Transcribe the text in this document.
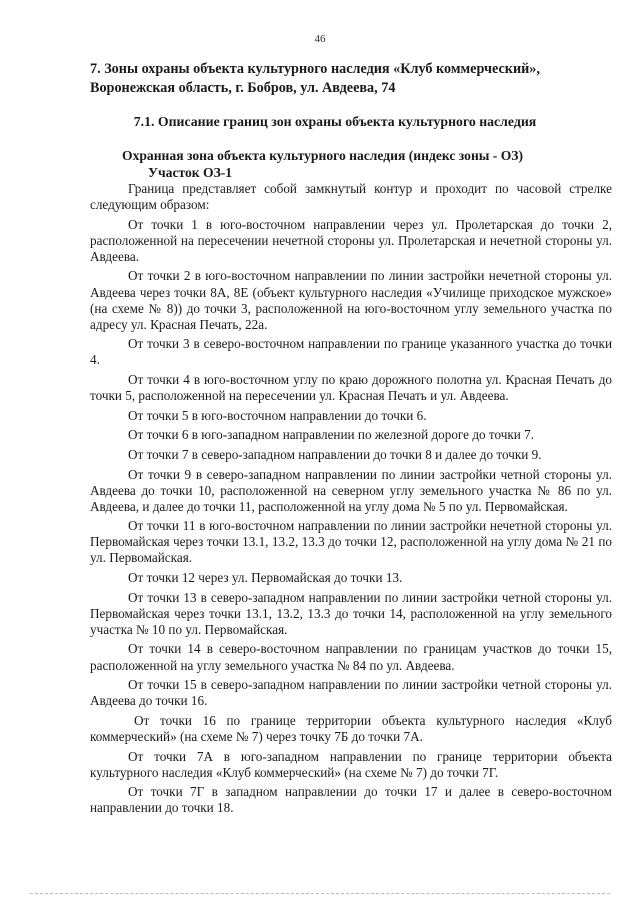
46
7. Зоны охраны объекта культурного наследия «Клуб коммерческий», Воронежская область, г. Бобров, ул. Авдеева, 74
7.1. Описание границ зон охраны объекта культурного наследия
Охранная зона объекта культурного наследия (индекс зоны - ОЗ)
Участок ОЗ-1

Граница представляет собой замкнутый контур и проходит по часовой стрелке следующим образом:

От точки 1 в юго-восточном направлении через ул. Пролетарская до точки 2, расположенной на пересечении нечетной стороны ул. Пролетарская и нечетной стороны ул. Авдеева.

От точки 2 в юго-восточном направлении по линии застройки нечетной стороны ул. Авдеева через точки 8А, 8Е (объект культурного наследия «Училище приходское мужское» (на схеме № 8)) до точки 3, расположенной на юго-восточном углу земельного участка по адресу ул. Красная Печать, 22а.

От точки 3 в северо-восточном направлении по границе указанного участка до точки 4.

От точки 4 в юго-восточном углу по краю дорожного полотна ул. Красная Печать до точки 5, расположенной на пересечении ул. Красная Печать и ул. Авдеева.

От точки 5 в юго-восточном направлении до точки 6.

От точки 6 в юго-западном направлении по железной дороге до точки 7.

От точки 7 в северо-западном направлении до точки 8 и далее до точки 9.

От точки 9 в северо-западном направлении по линии застройки четной стороны ул. Авдеева до точки 10, расположенной на северном углу земельного участка № 86 по ул. Авдеева, и далее до точки 11, расположенной на углу дома № 5 по ул. Первомайская.

От точки 11 в юго-восточном направлении по линии застройки нечетной стороны ул. Первомайская через точки 13.1, 13.2, 13.3 до точки 12, расположенной на углу дома № 21 по ул. Первомайская.

От точки 12 через ул. Первомайская до точки 13.

От точки 13 в северо-западном направлении по линии застройки четной стороны ул. Первомайская через точки 13.1, 13.2, 13.3 до точки 14, расположенной на углу земельного участка № 10 по ул. Первомайская.

От точки 14 в северо-восточном направлении по границам участков до точки 15, расположенной на углу земельного участка № 84 по ул. Авдеева.

От точки 15 в северо-западном направлении по линии застройки четной стороны ул. Авдеева до точки 16.

От точки 16 по границе территории объекта культурного наследия «Клуб коммерческий» (на схеме № 7) через точку 7Б до точки 7А.

От точки 7А в юго-западном направлении по границе территории объекта культурного наследия «Клуб коммерческий» (на схеме № 7) до точки 7Г.

От точки 7Г в западном направлении до точки 17 и далее в северо-восточном направлении до точки 18.
